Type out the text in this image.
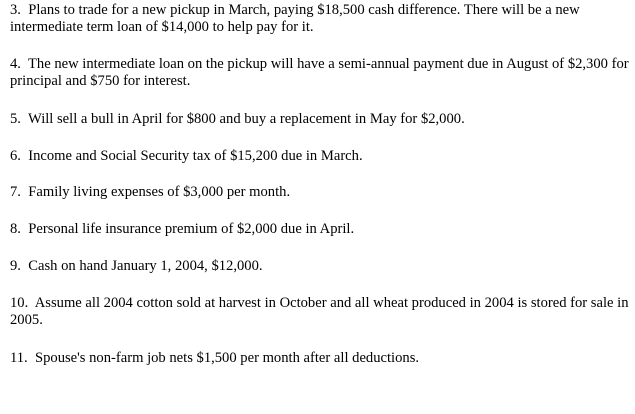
3. Plans to trade for a new pickup in March, paying $18,500 cash difference. There will be a new intermediate term loan of $14,000 to help pay for it.

4. The new intermediate loan on the pickup will have a semi-annual payment due in August of $2,300 for principal and $750 for interest.

5. Will sell a bull in April for $800 and buy a replacement in May for $2,000.

6. Income and Social Security tax of $15,200 due in March.

7. Family living expenses of $3,000 per month.

8. Personal life insurance premium of $2,000 due in April.

9. Cash on hand January 1, 2004, $12,000.

10. Assume all 2004 cotton sold at harvest in October and all wheat produced in 2004 is stored for sale in 2005.

11. Spouse's non-farm job nets $1,500 per month after all deductions.
